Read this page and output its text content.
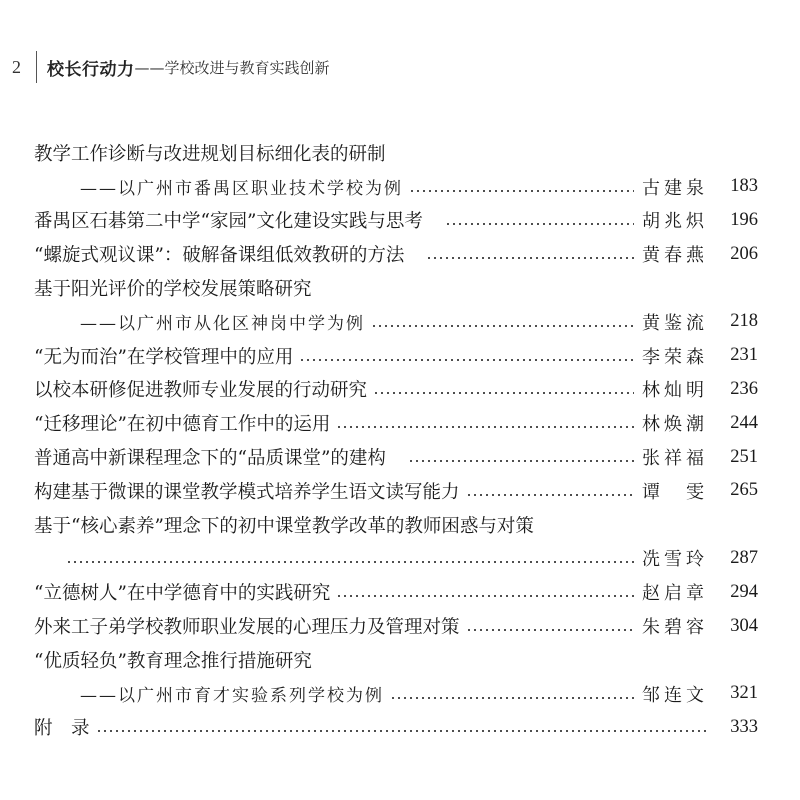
2	校长行动力 ——学校改进与教育实践创新
教学工作诊断与改进规划目标细化表的研制
——以广州市番禺区职业技术学校为例	古建泉	183
番禺区石碁第二中学“家园”文化建设实践与思考	胡兆炽	196
“螺旋式观议课”：破解备课组低效教研的方法	黄春燕	206
基于阳光评价的学校发展策略研究
——以广州市从化区神岗中学为例	黄鉴流	218
“无为而治”在学校管理中的应用	李荣森	231
以校本研修促进教师专业发展的行动研究	林灿明	236
“迁移理论”在初中德育工作中的运用	林焕潮	244
普通高中新课程理念下的“品质课堂”的建构	张祥福	251
构建基于微课的课堂教学模式培养学生语文读写能力	谭　雯	265
基于“核心素养”理念下的初中课堂教学改革的教师困惑与对策
冼雪玲	287
“立德树人”在中学德育中的实践研究	赵启章	294
外来工子弟学校教师职业发展的心理压力及管理对策	朱碧容	304
“优质轻负”教育理念推行措施研究
——以广州市育才实验系列学校为例	邹连文	321
附　录	333
